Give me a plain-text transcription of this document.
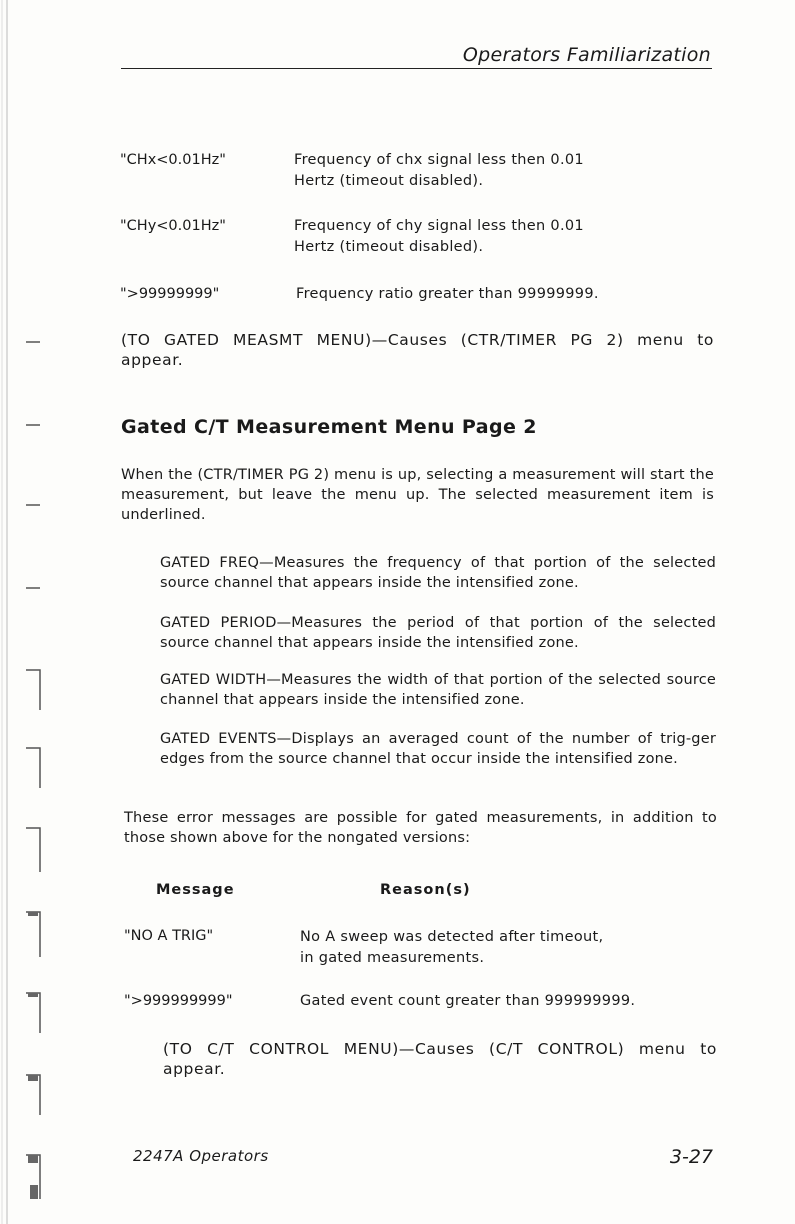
Operators Familiarization
"CHx<0.01Hz"	Frequency of chx signal less then 0.01
Hertz (timeout disabled).
"CHy<0.01Hz"	Frequency of chy signal less then 0.01
Hertz (timeout disabled).
">99999999"	Frequency ratio greater than 99999999.
(TO GATED MEASMT MENU)—Causes (CTR/TIMER PG 2) menu to appear.
Gated C/T Measurement Menu Page 2
When the (CTR/TIMER PG 2) menu is up, selecting a measurement will start the measurement, but leave the menu up. The selected measurement item is underlined.
GATED FREQ—Measures the frequency of that portion of the selected source channel that appears inside the intensified zone.
GATED PERIOD—Measures the period of that portion of the selected source channel that appears inside the intensified zone.
GATED WIDTH—Measures the width of that portion of the selected source channel that appears inside the intensified zone.
GATED EVENTS—Displays an averaged count of the number of trig-ger edges from the source channel that occur inside the intensified zone.
These error messages are possible for gated measurements, in addition to those shown above for the nongated versions:
Message	Reason(s)
"NO A TRIG"	No A sweep was detected after timeout,
in gated measurements.
">999999999"	Gated event count greater than 999999999.
(TO C/T CONTROL MENU)—Causes (C/T CONTROL) menu to appear.
2247A Operators	3-27
